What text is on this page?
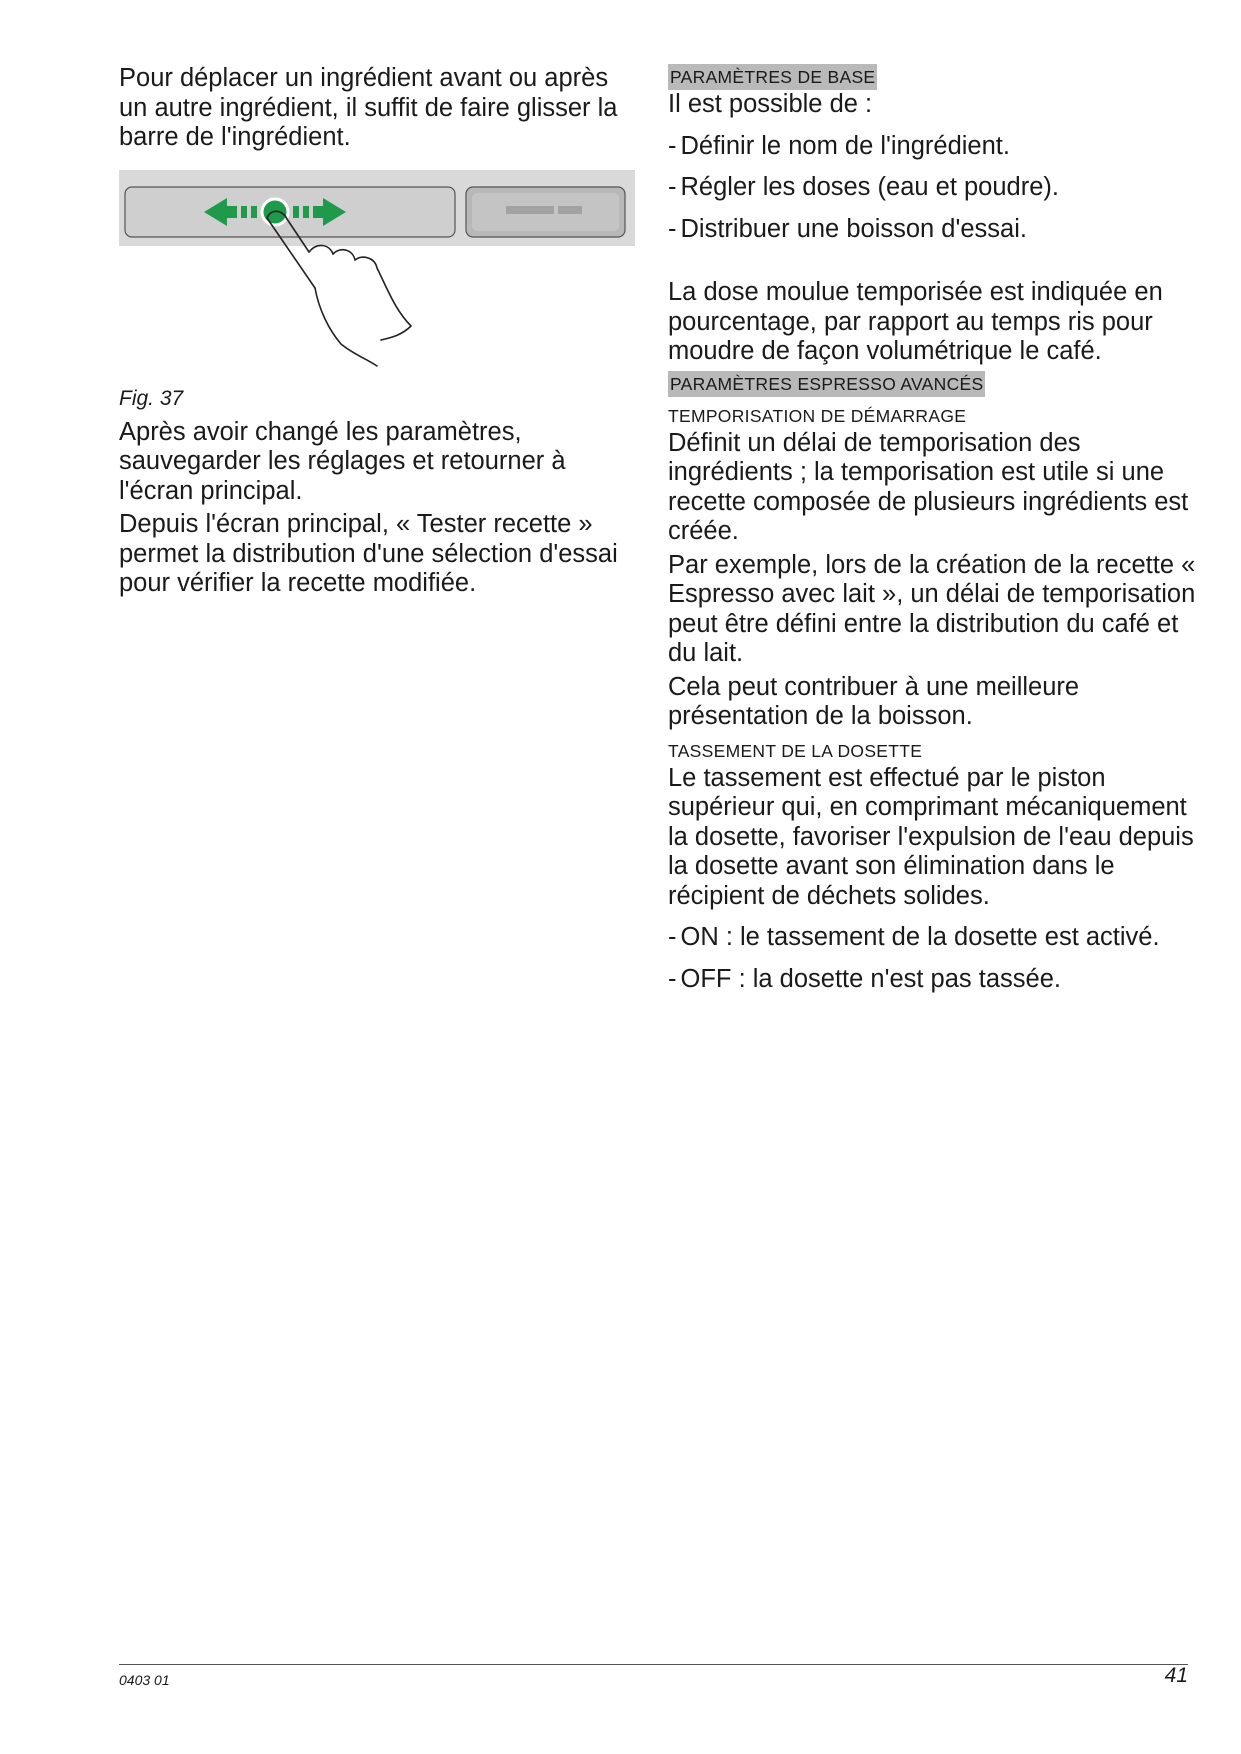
Pour déplacer un ingrédient avant ou après un autre ingrédient, il suffit de faire glisser la barre de l'ingrédient.

Fig. 37

Après avoir changé les paramètres, sauvegarder les réglages et retourner à l'écran principal.

Depuis l'écran principal, « Tester recette » permet la distribution d'une sélection d'essai pour vérifier la recette modifiée.

PARAMÈTRES DE BASE

Il est possible de :

- Définir le nom de l'ingrédient.
- Régler les doses (eau et poudre).
- Distribuer une boisson d'essai.

La dose moulue temporisée est indiquée en pourcentage, par rapport au temps ris pour moudre de façon volumétrique le café.

PARAMÈTRES ESPRESSO AVANCÉS
TEMPORISATION DE DÉMARRAGE

Définit un délai de temporisation des ingrédients ; la temporisation est utile si une recette composée de plusieurs ingrédients est créée.

Par exemple, lors de la création de la recette « Espresso avec lait », un délai de temporisation peut être défini entre la distribution du café et du lait.

Cela peut contribuer à une meilleure présentation de la boisson.

TASSEMENT DE LA DOSETTE

Le tassement est effectué par le piston supérieur qui, en comprimant mécaniquement la dosette, favoriser l'expulsion de l'eau depuis la dosette avant son élimination dans le récipient de déchets solides.

- ON : le tassement de la dosette est activé.
- OFF : la dosette n'est pas tassée.
0403 01	41
